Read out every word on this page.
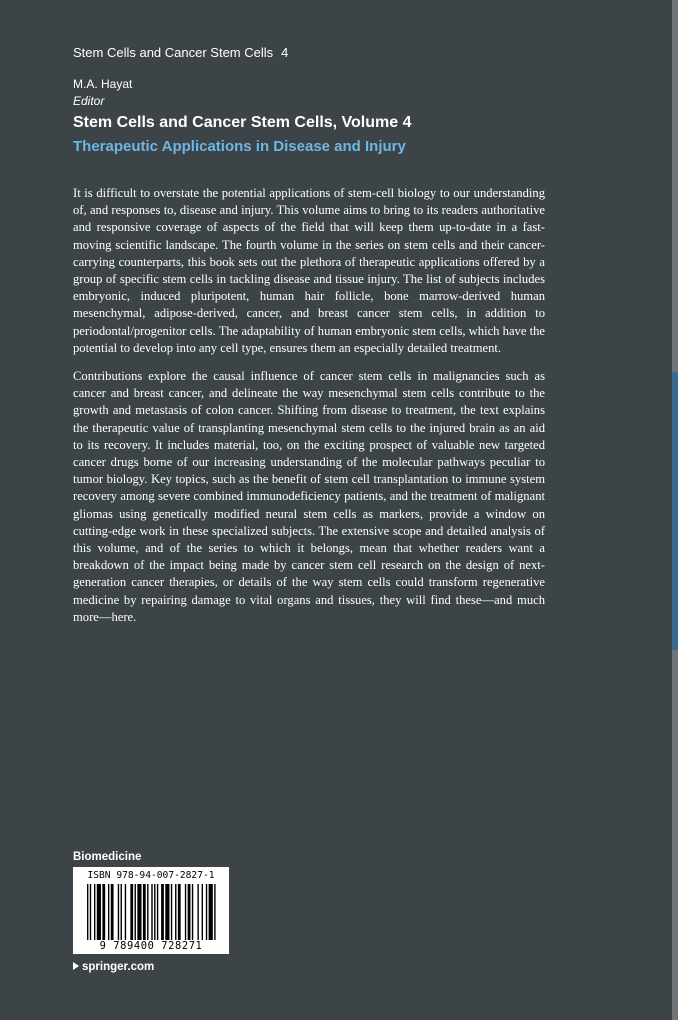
Stem Cells and Cancer Stem Cells 4
M.A. Hayat
Editor
Stem Cells and Cancer Stem Cells, Volume 4
Therapeutic Applications in Disease and Injury

It is difficult to overstate the potential applications of stem-cell biology to our understanding of, and responses to, disease and injury. This volume aims to bring to its readers authoritative and responsive coverage of aspects of the field that will keep them up-to-date in a fast-moving scientific landscape. The fourth volume in the series on stem cells and their cancer-carrying counterparts, this book sets out the plethora of therapeutic applications offered by a group of specific stem cells in tackling disease and tissue injury. The list of subjects includes embryonic, induced pluripotent, human hair follicle, bone marrow-derived human mesenchymal, adipose-derived, cancer, and breast cancer stem cells, in addition to periodontal/progenitor cells. The adaptability of human embryonic stem cells, which have the potential to develop into any cell type, ensures them an especially detailed treatment.

Contributions explore the causal influence of cancer stem cells in malignancies such as cancer and breast cancer, and delineate the way mesenchymal stem cells contribute to the growth and metastasis of colon cancer. Shifting from disease to treatment, the text explains the therapeutic value of transplanting mesenchymal stem cells to the injured brain as an aid to its recovery. It includes material, too, on the exciting prospect of valuable new targeted cancer drugs borne of our increasing understanding of the molecular pathways peculiar to tumor biology. Key topics, such as the benefit of stem cell transplantation to immune system recovery among severe combined immunodeficiency patients, and the treatment of malignant gliomas using genetically modified neural stem cells as markers, provide a window on cutting-edge work in these specialized subjects. The extensive scope and detailed analysis of this volume, and of the series to which it belongs, mean that whether readers want a breakdown of the impact being made by cancer stem cell research on the design of next-generation cancer therapies, or details of the way stem cells could transform regenerative medicine by repairing damage to vital organs and tissues, they will find these—and much more—here.

Biomedicine
ISBN 978-94-007-2827-1
9 789400 728271
springer.com
